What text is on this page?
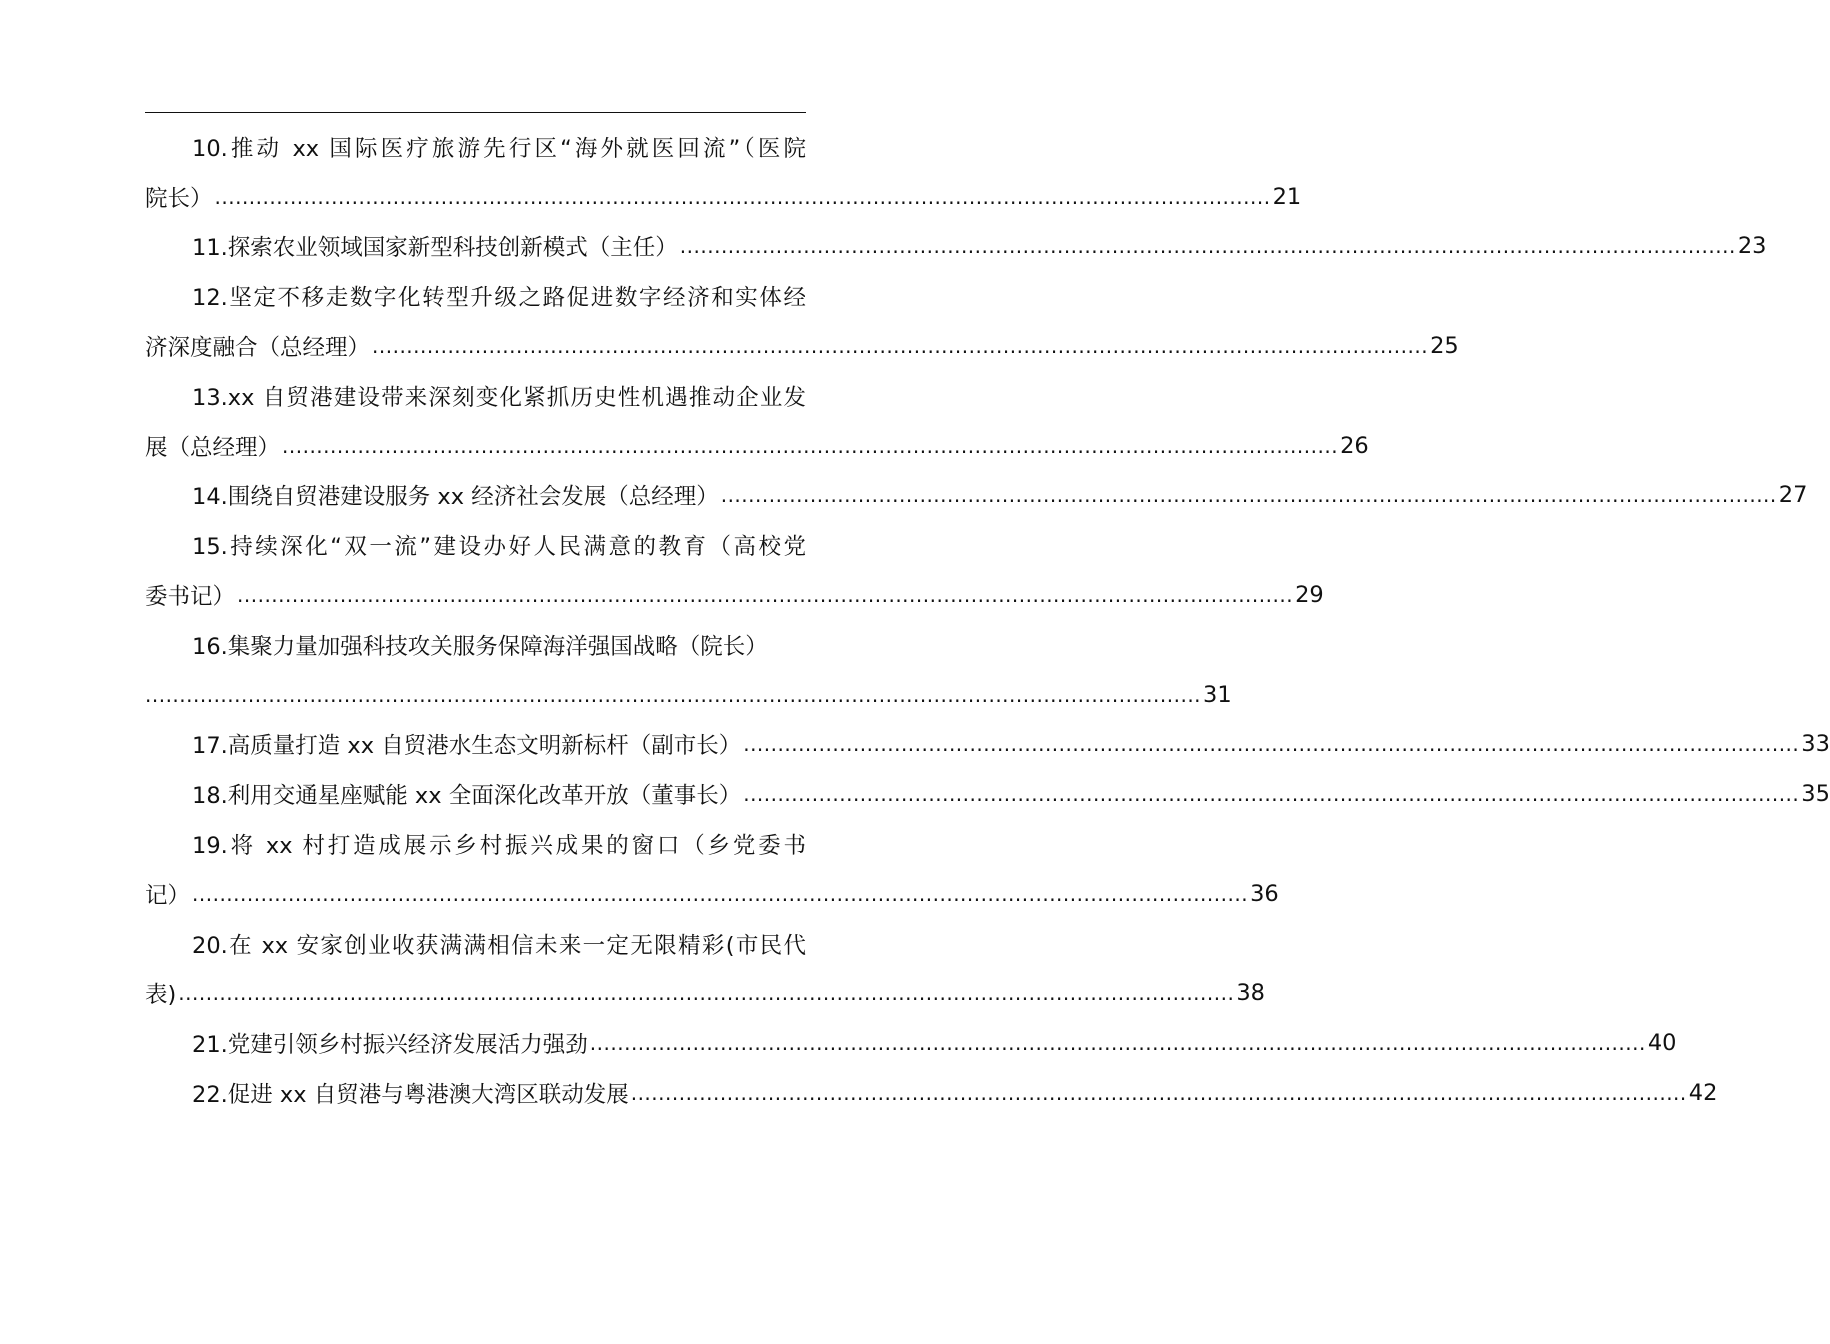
10.推动 xx 国际医疗旅游先行区“海外就医回流”（医院
院长） .......................................................................................................................................................... 21
11.探索农业领域国家新型科技创新模式（主任） .......................................................................................................................................................... 23
12.坚定不移走数字化转型升级之路促进数字经济和实体经
济深度融合（总经理） .......................................................................................................................................................... 25
13.xx 自贸港建设带来深刻变化紧抓历史性机遇推动企业发
展（总经理） .......................................................................................................................................................... 26
14.围绕自贸港建设服务 xx 经济社会发展（总经理） .......................................................................................................................................................... 27
15.持续深化“双一流”建设办好人民满意的教育（高校党
委书记） .......................................................................................................................................................... 29
16.集聚力量加强科技攻关服务保障海洋强国战略（院长）
.......................................................................................................................................................... 31
17.高质量打造 xx 自贸港水生态文明新标杆（副市长） .......................................................................................................................................................... 33
18.利用交通星座赋能 xx 全面深化改革开放（董事长） .......................................................................................................................................................... 35
19.将 xx 村打造成展示乡村振兴成果的窗口（乡党委书
记） .......................................................................................................................................................... 36
20.在 xx 安家创业收获满满相信未来一定无限精彩(市民代
表) .......................................................................................................................................................... 38
21.党建引领乡村振兴经济发展活力强劲 .......................................................................................................................................................... 40
22.促进 xx 自贸港与粤港澳大湾区联动发展 .......................................................................................................................................................... 42
